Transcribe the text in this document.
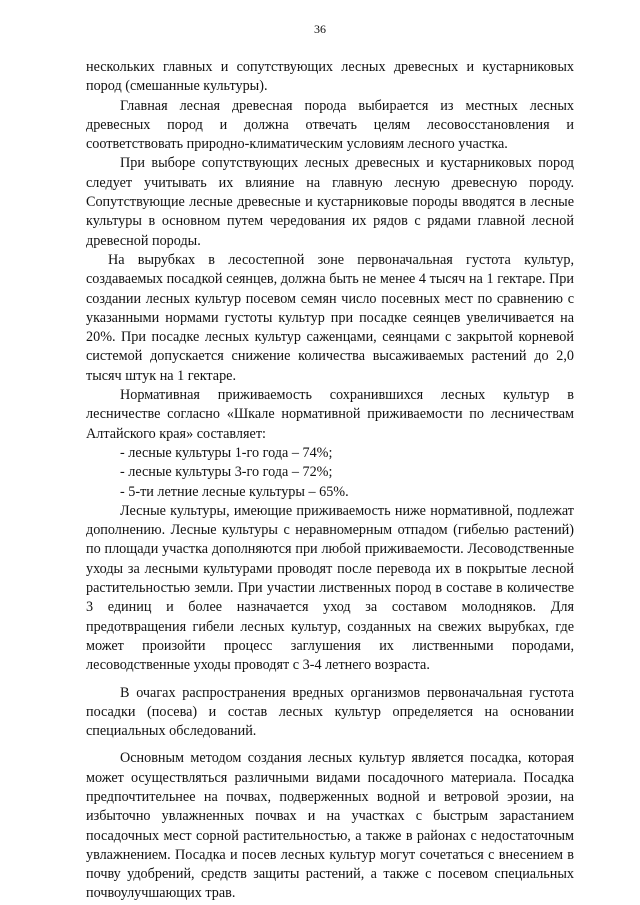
36

нескольких главных и сопутствующих лесных древесных и кустарниковых пород (смешанные культуры).

Главная лесная древесная порода выбирается из местных лесных древесных пород и должна отвечать целям лесовосстановления и соответствовать природно-климатическим условиям лесного участка.

При выборе сопутствующих лесных древесных и кустарниковых пород следует учитывать их влияние на главную лесную древесную породу. Сопутствующие лесные древесные и кустарниковые породы вводятся в лесные культуры в основном путем чередования их рядов с рядами главной лесной древесной породы.

На вырубках в лесостепной зоне первоначальная густота культур, создаваемых посадкой сеянцев, должна быть не менее 4 тысяч на 1 гектаре. При создании лесных культур посевом семян число посевных мест по сравнению с указанными нормами густоты культур при посадке сеянцев увеличивается на 20%. При посадке лесных культур саженцами, сеянцами с закрытой корневой системой допускается снижение количества высаживаемых растений до 2,0 тысяч штук на 1 гектаре.

Нормативная приживаемость сохранившихся лесных культур в лесничестве согласно «Шкале нормативной приживаемости по лесничествам Алтайского края» составляет:

- лесные культуры 1-го года – 74%;

- лесные культуры 3-го года – 72%;

- 5-ти летние лесные культуры – 65%.

Лесные культуры, имеющие приживаемость ниже нормативной, подлежат дополнению. Лесные культуры с неравномерным отпадом (гибелью растений) по площади участка дополняются при любой приживаемости. Лесоводственные уходы за лесными культурами проводят после перевода их в покрытые лесной растительностью земли. При участии лиственных пород в составе в количестве 3 единиц и более назначается уход за составом молодняков. Для предотвращения гибели лесных культур, созданных на свежих вырубках, где может произойти процесс заглушения их лиственными породами, лесоводственные уходы проводят с 3-4 летнего возраста.

В очагах распространения вредных организмов первоначальная густота посадки (посева) и состав лесных культур определяется на основании специальных обследований.

Основным методом создания лесных культур является посадка, которая может осуществляться различными видами посадочного материала. Посадка предпочтительнее на почвах, подверженных водной и ветровой эрозии, на избыточно увлажненных почвах и на участках с быстрым зарастанием посадочных мест сорной растительностью, а также в районах с недостаточным увлажнением. Посадка и посев лесных культур могут сочетаться с внесением в почву удобрений, средств защиты растений, а также с посевом специальных почвоулучшающих трав.
